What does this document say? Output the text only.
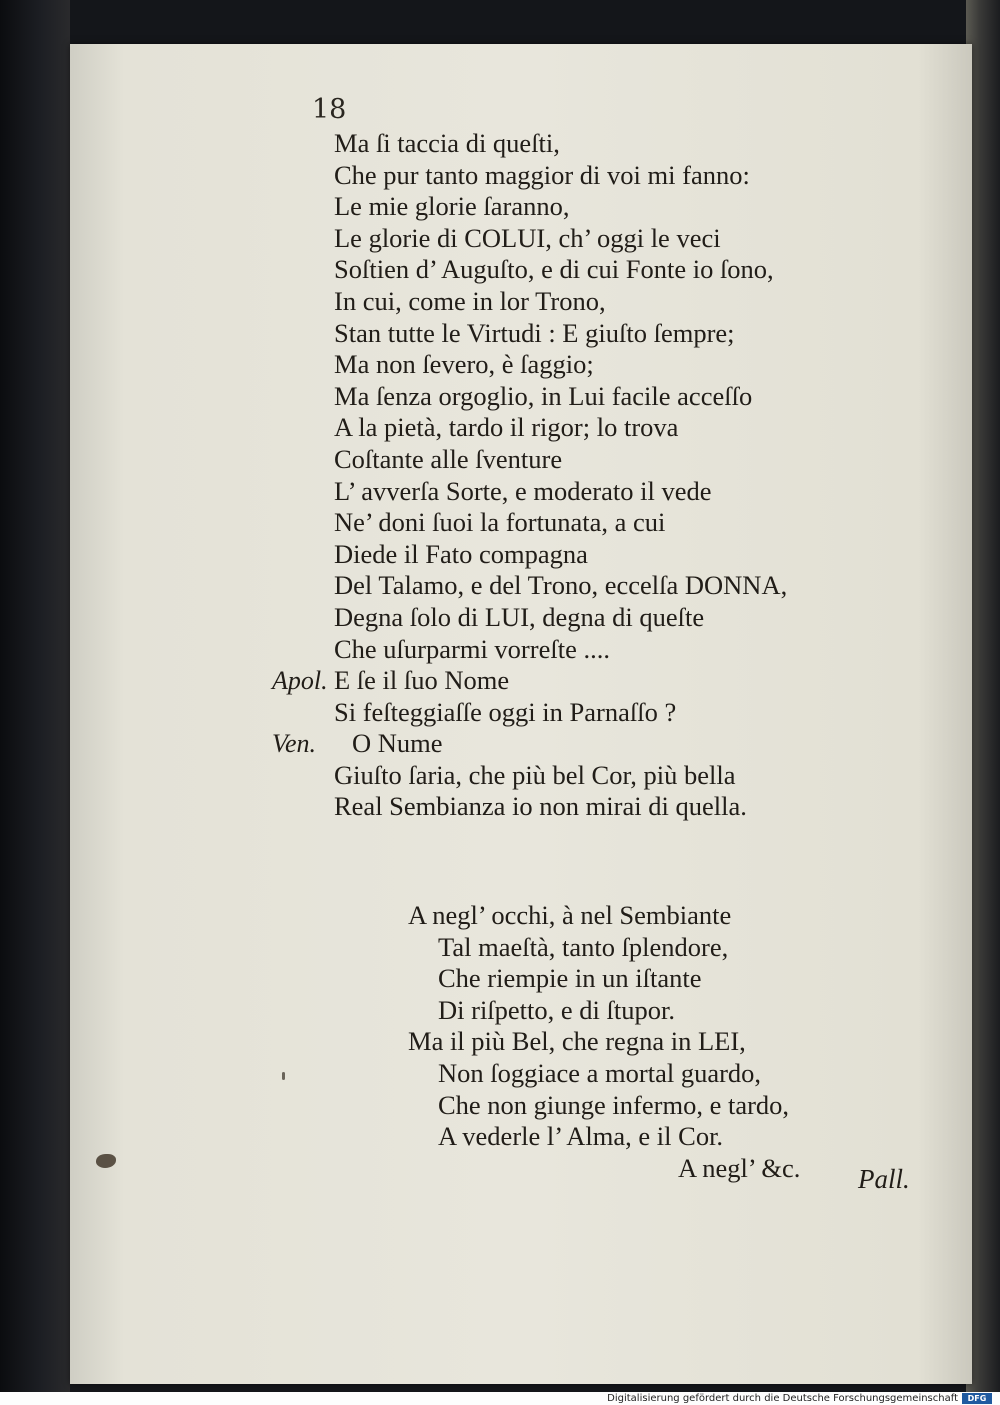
18
Ma ſi taccia di queſti,
Che pur tanto maggior di voi mi fanno:
Le mie glorie ſaranno,
Le glorie di COLUI, ch’ oggi le veci
Soſtien d’ Auguſto, e di cui Fonte io ſono,
In cui, come in lor Trono,
Stan tutte le Virtudi : E giuſto ſempre;
Ma non ſevero, è ſaggio;
Ma ſenza orgoglio, in Lui facile acceſſo
A la pietà, tardo il rigor; lo trova
Coſtante alle ſventure
L’ avverſa Sorte, e moderato il vede
Ne’ doni ſuoi la fortunata, a cui
Diede il Fato compagna
Del Talamo, e del Trono, eccelſa DONNA,
Degna ſolo di LUI, degna di queſte
Che uſurparmi vorreſte ....
Apol. E ſe il ſuo Nome
Si feſteggiaſſe oggi in Parnaſſo ?
Ven. O Nume
Giuſto ſaria, che più bel Cor, più bella
Real Sembianza io non mirai di quella.
A negl’ occhi, à nel Sembiante
Tal maeſtà, tanto ſplendore,
Che riempie in un iſtante
Di riſpetto, e di ſtupor.
Ma il più Bel, che regna in LEI,
Non ſoggiace a mortal guardo,
Che non giunge infermo, e tardo,
A vederle l’ Alma, e il Cor.
A negl’ &c.	Pall.
Digitalisierung gefördert durch die Deutsche Forschungsgemeinschaft	DFG
